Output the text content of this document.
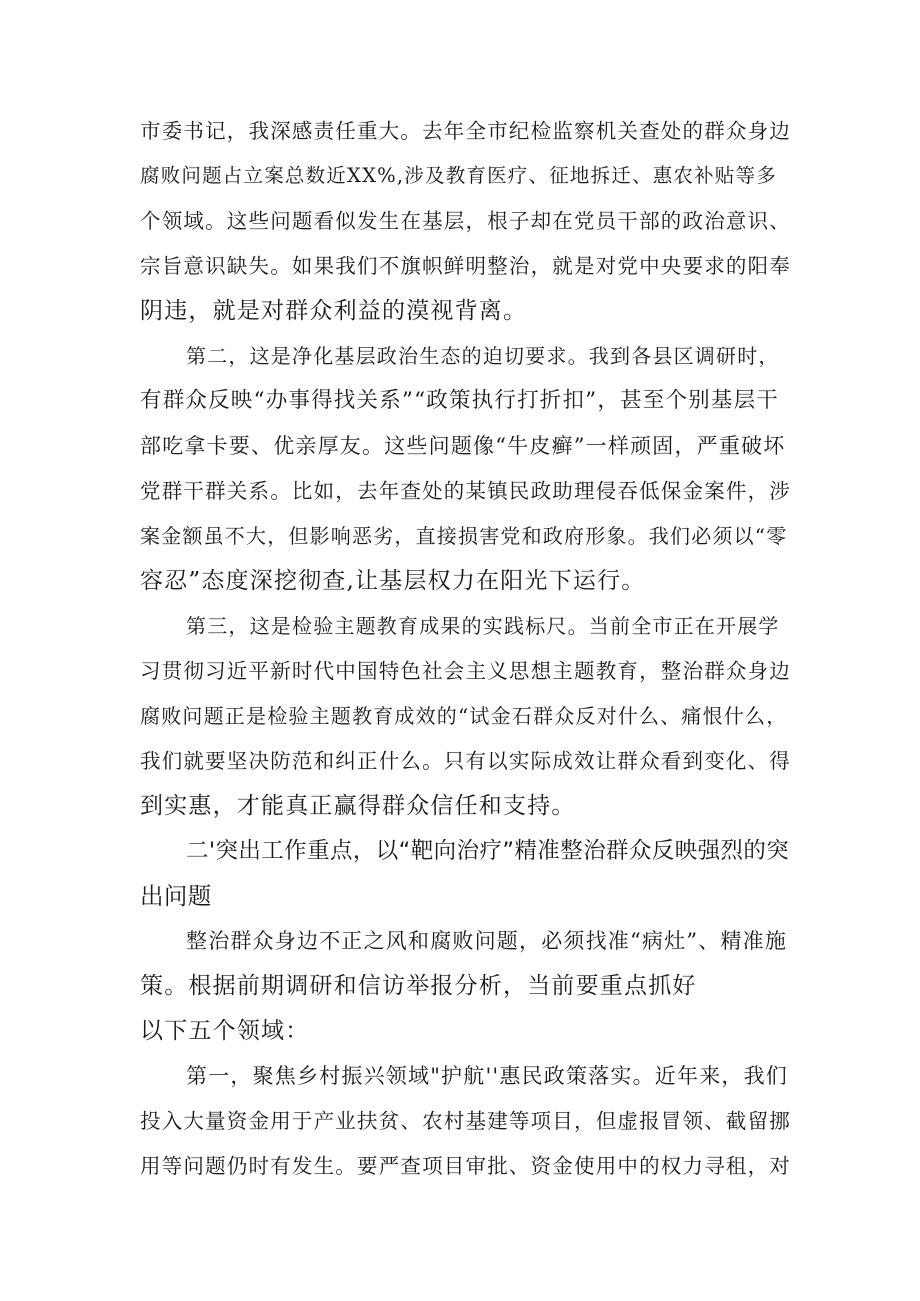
市委书记，我深感责任重大。去年全市纪检监察机关查处的群众身边
腐败问题占立案总数近XX%,涉及教育医疗、征地拆迁、惠农补贴等多
个领域。这些问题看似发生在基层，根子却在党员干部的政治意识、
宗旨意识缺失。如果我们不旗帜鲜明整治，就是对党中央要求的阳奉
阴违，就是对群众利益的漠视背离。
第二，这是净化基层政治生态的迫切要求。我到各县区调研时，
有群众反映“办事得找关系”“政策执行打折扣”，甚至个别基层干
部吃拿卡要、优亲厚友。这些问题像“牛皮癣”一样顽固，严重破坏
党群干群关系。比如，去年查处的某镇民政助理侵吞低保金案件，涉
案金额虽不大，但影响恶劣，直接损害党和政府形象。我们必须以“零
容忍”态度深挖彻查,让基层权力在阳光下运行。
第三，这是检验主题教育成果的实践标尺。当前全市正在开展学
习贯彻习近平新时代中国特色社会主义思想主题教育，整治群众身边
腐败问题正是检验主题教育成效的“试金石群众反对什么、痛恨什么，
我们就要坚决防范和纠正什么。只有以实际成效让群众看到变化、得
到实惠，才能真正赢得群众信任和支持。
二'突出工作重点，以“靶向治疗”精准整治群众反映强烈的突
出问题
整治群众身边不正之风和腐败问题，必须找准“病灶”、精准施
策。根据前期调研和信访举报分析，当前要重点抓好
以下五个领域：
第一，聚焦乡村振兴领域"护航''惠民政策落实。近年来，我们
投入大量资金用于产业扶贫、农村基建等项目，但虚报冒领、截留挪
用等问题仍时有发生。要严查项目审批、资金使用中的权力寻租，对
